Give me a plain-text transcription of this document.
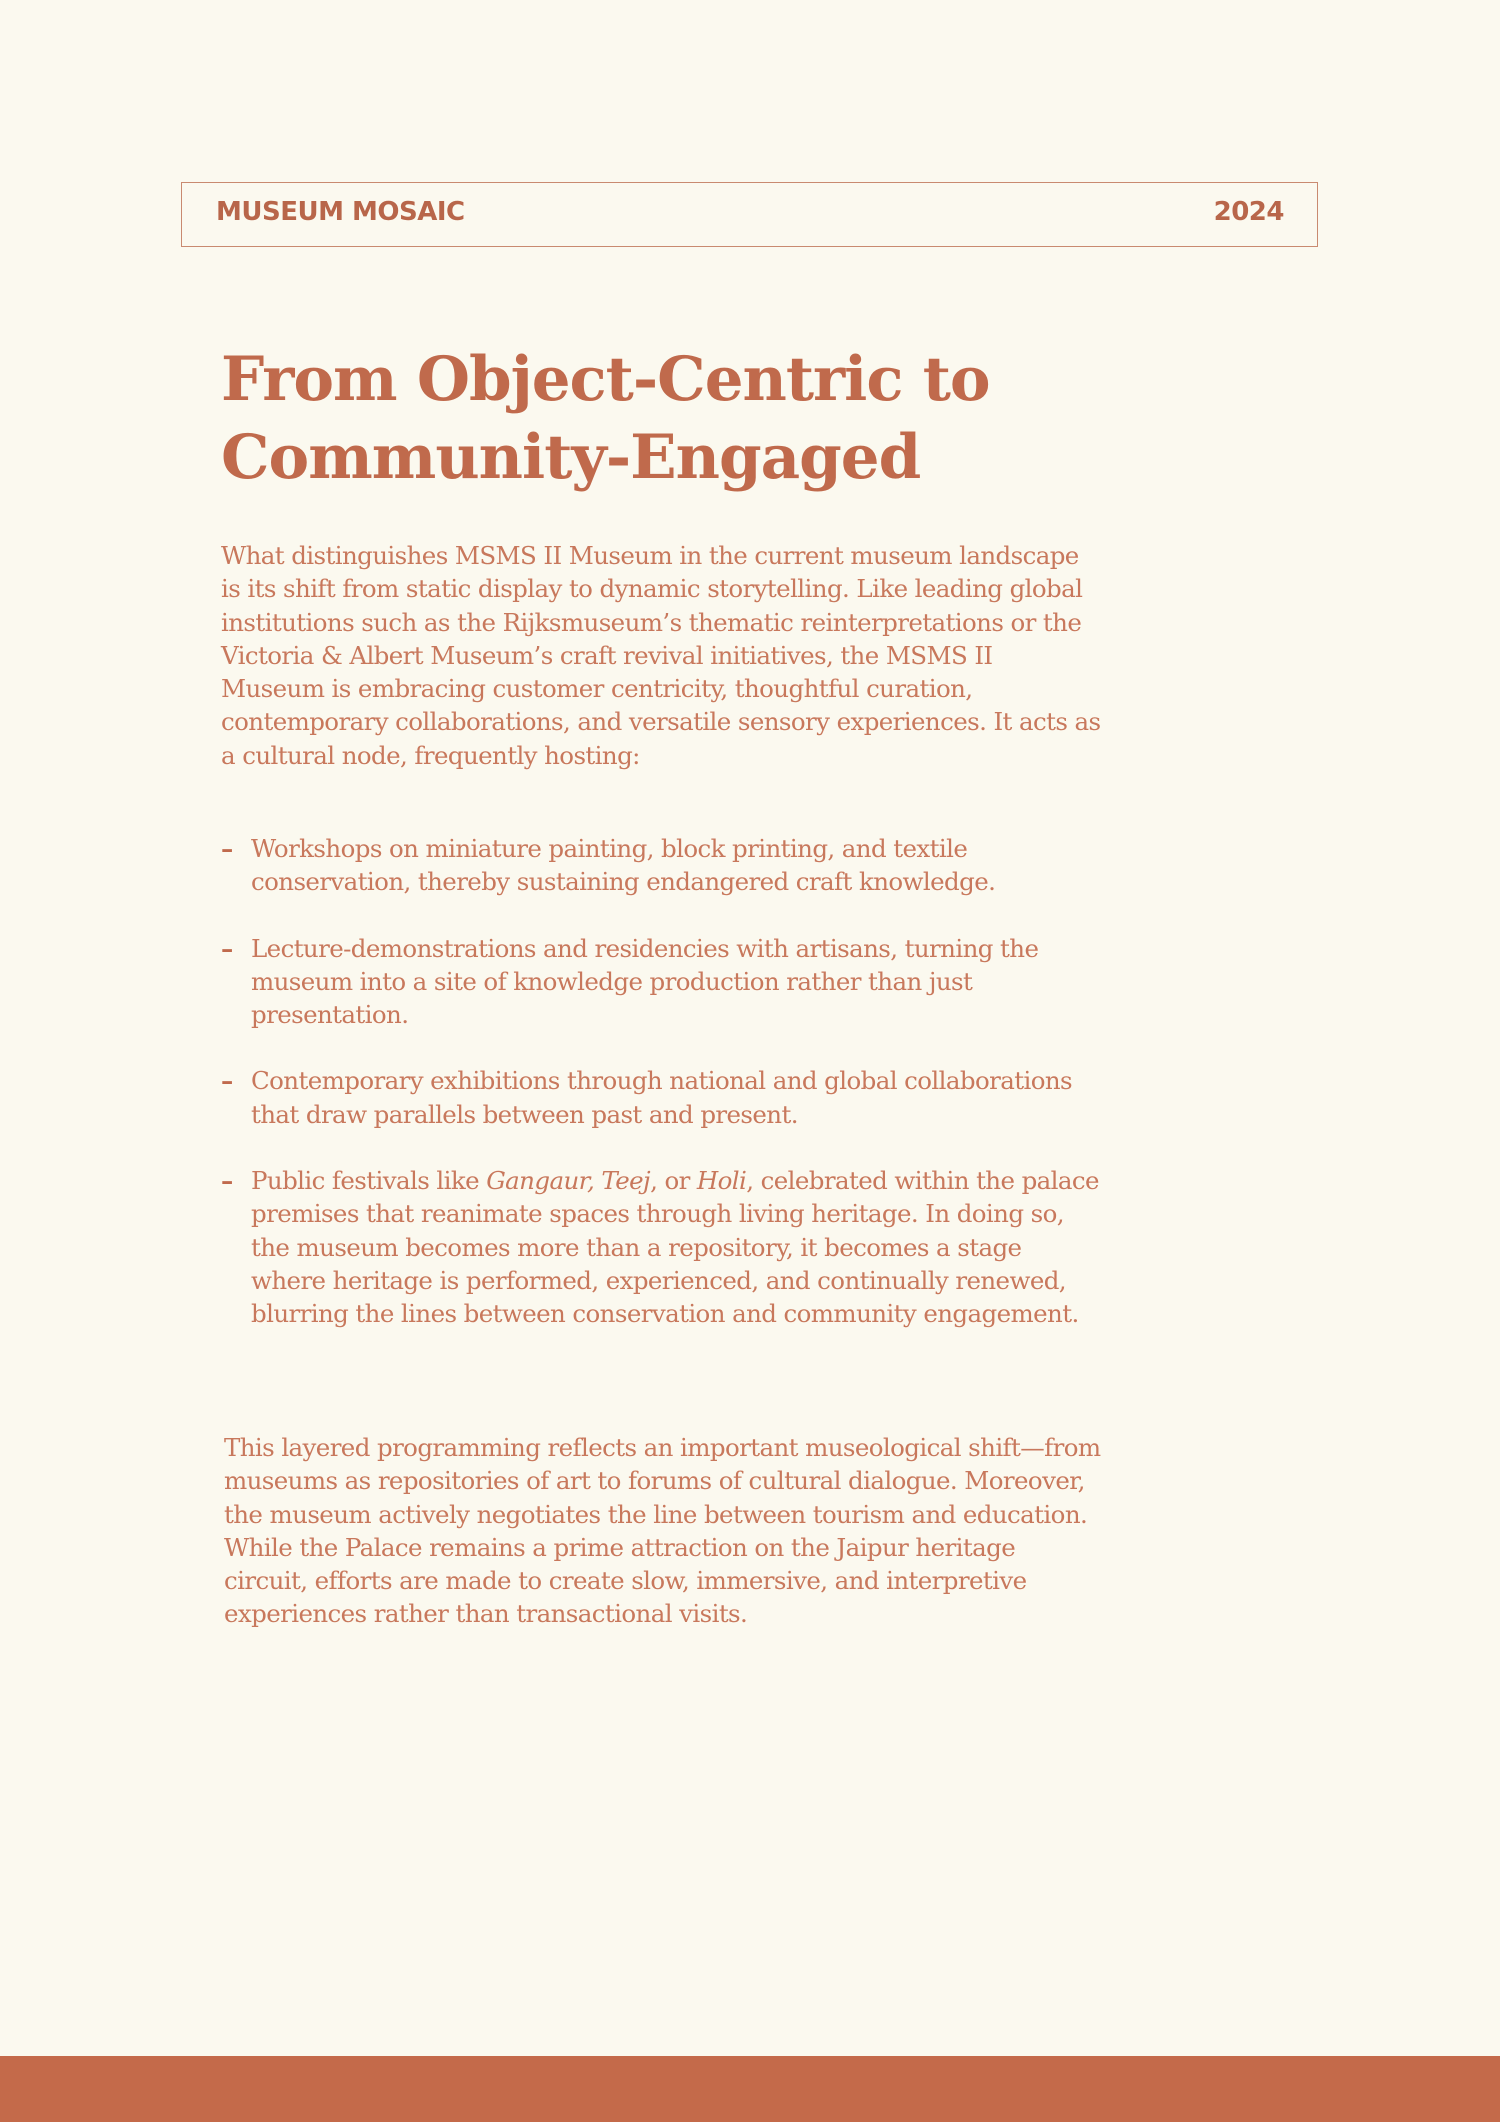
MUSEUM MOSAIC	2024
From Object-Centric to
Community-Engaged

What distinguishes MSMS II Museum in the current museum landscape is its shift from static display to dynamic storytelling. Like leading global institutions such as the Rijksmuseum’s thematic reinterpretations or the Victoria & Albert Museum’s craft revival initiatives, the MSMS II Museum is embracing customer centricity, thoughtful curation, contemporary collaborations, and versatile sensory experiences. It acts as a cultural node, frequently hosting:

– Workshops on miniature painting, block printing, and textile conservation, thereby sustaining endangered craft knowledge.
– Lecture-demonstrations and residencies with artisans, turning the museum into a site of knowledge production rather than just presentation.
– Contemporary exhibitions through national and global collaborations that draw parallels between past and present.
– Public festivals like Gangaur, Teej, or Holi, celebrated within the palace premises that reanimate spaces through living heritage. In doing so, the museum becomes more than a repository, it becomes a stage where heritage is performed, experienced, and continually renewed, blurring the lines between conservation and community engagement.

This layered programming reflects an important museological shift—from museums as repositories of art to forums of cultural dialogue. Moreover, the museum actively negotiates the line between tourism and education. While the Palace remains a prime attraction on the Jaipur heritage circuit, efforts are made to create slow, immersive, and interpretive experiences rather than transactional visits.
